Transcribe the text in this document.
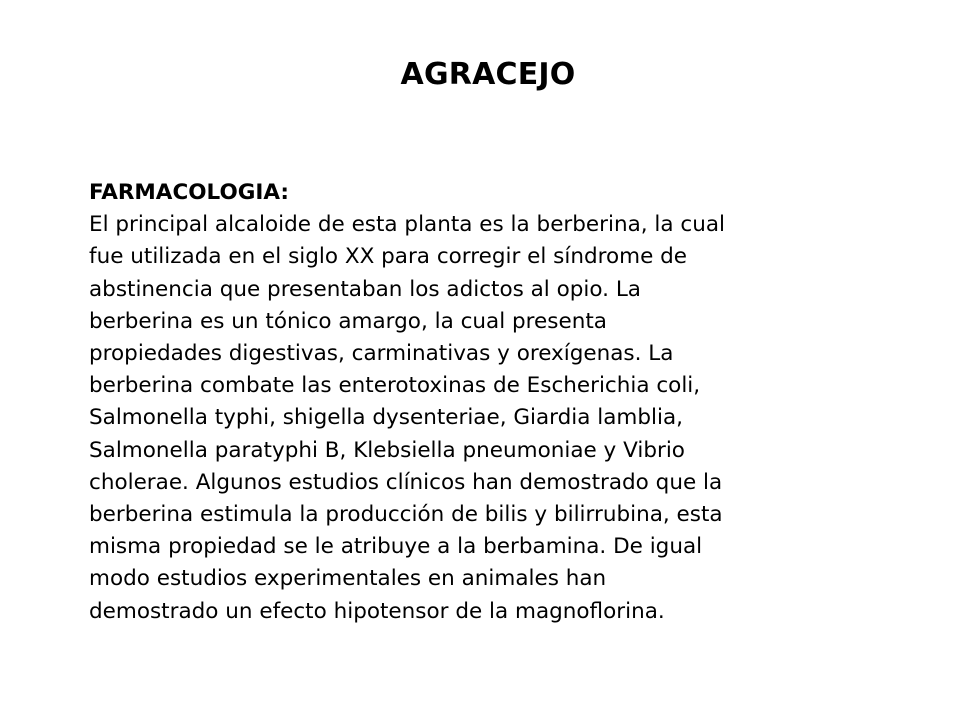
AGRACEJO
FARMACOLOGIA:
El principal alcaloide de esta planta es la berberina, la cual
fue utilizada en el siglo XX para corregir el síndrome de
abstinencia que presentaban los adictos al opio. La
berberina es un tónico amargo, la cual presenta
propiedades digestivas, carminativas y orexígenas. La
berberina combate las enterotoxinas de Escherichia coli,
Salmonella typhi, shigella dysenteriae, Giardia lamblia,
Salmonella paratyphi B, Klebsiella pneumoniae y Vibrio
cholerae. Algunos estudios clínicos han demostrado que la
berberina estimula la producción de bilis y bilirrubina, esta
misma propiedad se le atribuye a la berbamina. De igual
modo estudios experimentales en animales han
demostrado un efecto hipotensor de la magnoflorina.
